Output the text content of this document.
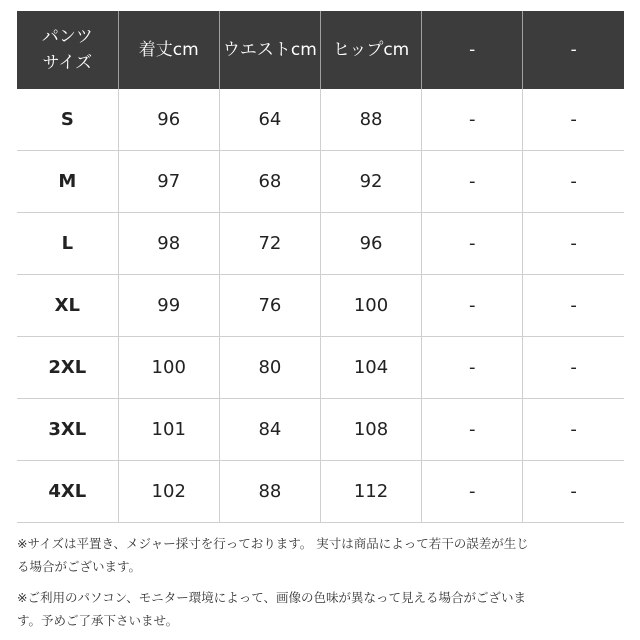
パンツ
サイズ	着丈cm	ウエストcm	ヒップcm	-	-

S	96	64	88	-	-
M	97	68	92	-	-
L	98	72	96	-	-
XL	99	76	100	-	-
2XL	100	80	104	-	-
3XL	101	84	108	-	-
4XL	102	88	112	-	-

※サイズは平置き、メジャー採寸を行っております。 実寸は商品によって若干の誤差が生じ
る場合がございます。

※ご利用のパソコン、モニター環境によって、画像の色味が異なって見える場合がございま
す。予めご了承下さいませ。
